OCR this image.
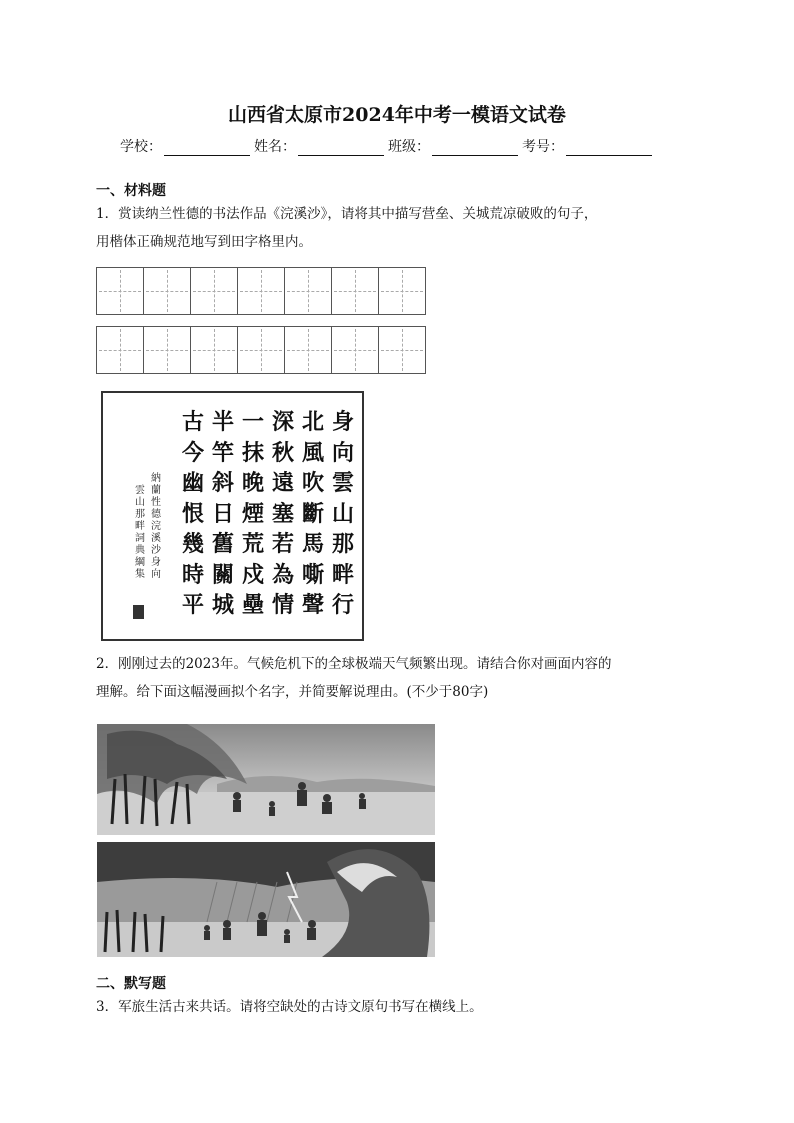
山西省太原市2024年中考一模语文试卷
学校：	姓名：	班级：	考号：
一、材料题
1．赏读纳兰性德的书法作品《浣溪沙》，请将其中描写营垒、关城荒凉破败的句子，
用楷体正确规范地写到田字格里内。
身向雲山那畔行
北風吹斷馬嘶聲
深秋遠塞若為情
一抹晚煙荒戍壘
半竿斜日舊關城
古今幽恨幾時平
納蘭性德浣溪沙身向
雲山那畔詞典綱集
2．刚刚过去的2023年。气候危机下的全球极端天气频繁出现。请结合你对画面内容的
理解。给下面这幅漫画拟个名字，并简要解说理由。(不少于80字)
二、默写题
3．军旅生活古来共话。请将空缺处的古诗文原句书写在横线上。
